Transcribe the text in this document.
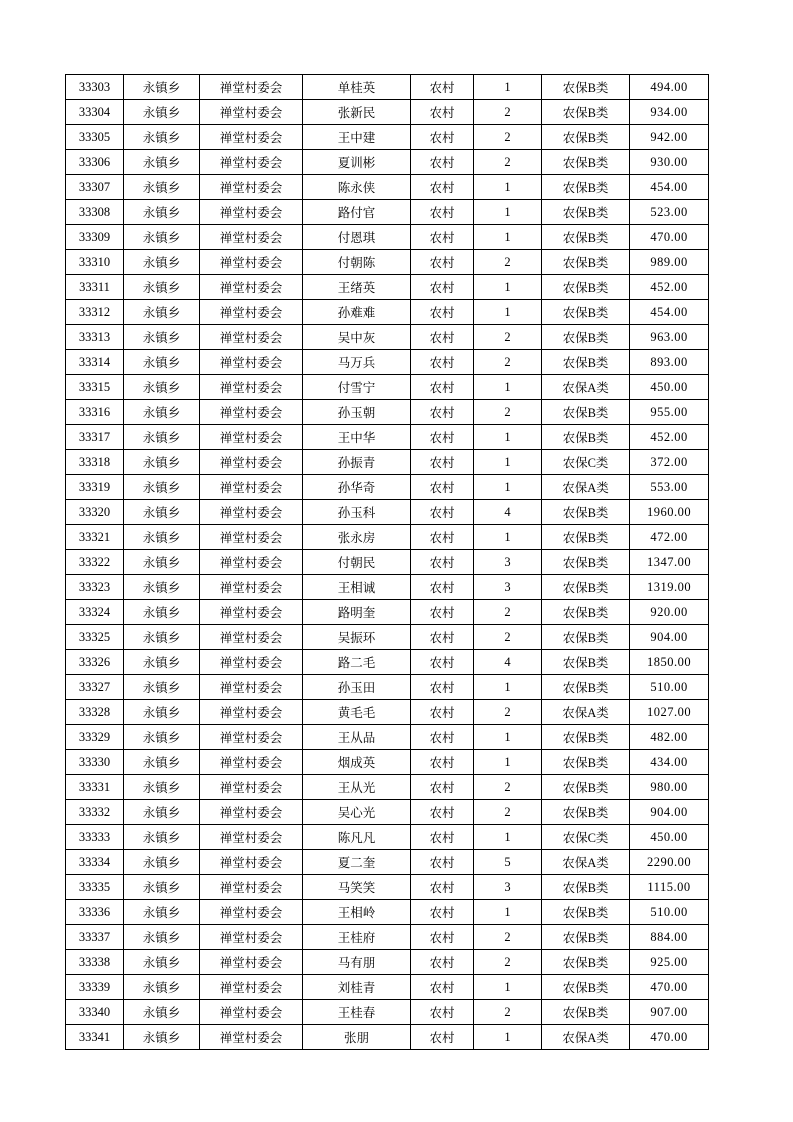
33303	永镇乡	禅堂村委会	单桂英	农村	1	农保B类	494.00
33304	永镇乡	禅堂村委会	张新民	农村	2	农保B类	934.00
33305	永镇乡	禅堂村委会	王中建	农村	2	农保B类	942.00
33306	永镇乡	禅堂村委会	夏训彬	农村	2	农保B类	930.00
33307	永镇乡	禅堂村委会	陈永侠	农村	1	农保B类	454.00
33308	永镇乡	禅堂村委会	路付官	农村	1	农保B类	523.00
33309	永镇乡	禅堂村委会	付恩琪	农村	1	农保B类	470.00
33310	永镇乡	禅堂村委会	付朝陈	农村	2	农保B类	989.00
33311	永镇乡	禅堂村委会	王绪英	农村	1	农保B类	452.00
33312	永镇乡	禅堂村委会	孙难难	农村	1	农保B类	454.00
33313	永镇乡	禅堂村委会	吴中灰	农村	2	农保B类	963.00
33314	永镇乡	禅堂村委会	马万兵	农村	2	农保B类	893.00
33315	永镇乡	禅堂村委会	付雪宁	农村	1	农保A类	450.00
33316	永镇乡	禅堂村委会	孙玉朝	农村	2	农保B类	955.00
33317	永镇乡	禅堂村委会	王中华	农村	1	农保B类	452.00
33318	永镇乡	禅堂村委会	孙振青	农村	1	农保C类	372.00
33319	永镇乡	禅堂村委会	孙华奇	农村	1	农保A类	553.00
33320	永镇乡	禅堂村委会	孙玉科	农村	4	农保B类	1960.00
33321	永镇乡	禅堂村委会	张永房	农村	1	农保B类	472.00
33322	永镇乡	禅堂村委会	付朝民	农村	3	农保B类	1347.00
33323	永镇乡	禅堂村委会	王相诚	农村	3	农保B类	1319.00
33324	永镇乡	禅堂村委会	路明奎	农村	2	农保B类	920.00
33325	永镇乡	禅堂村委会	吴振环	农村	2	农保B类	904.00
33326	永镇乡	禅堂村委会	路二毛	农村	4	农保B类	1850.00
33327	永镇乡	禅堂村委会	孙玉田	农村	1	农保B类	510.00
33328	永镇乡	禅堂村委会	黄毛毛	农村	2	农保A类	1027.00
33329	永镇乡	禅堂村委会	王从品	农村	1	农保B类	482.00
33330	永镇乡	禅堂村委会	烟成英	农村	1	农保B类	434.00
33331	永镇乡	禅堂村委会	王从光	农村	2	农保B类	980.00
33332	永镇乡	禅堂村委会	吴心光	农村	2	农保B类	904.00
33333	永镇乡	禅堂村委会	陈凡凡	农村	1	农保C类	450.00
33334	永镇乡	禅堂村委会	夏二奎	农村	5	农保A类	2290.00
33335	永镇乡	禅堂村委会	马笑笑	农村	3	农保B类	1115.00
33336	永镇乡	禅堂村委会	王相岭	农村	1	农保B类	510.00
33337	永镇乡	禅堂村委会	王桂府	农村	2	农保B类	884.00
33338	永镇乡	禅堂村委会	马有朋	农村	2	农保B类	925.00
33339	永镇乡	禅堂村委会	刘桂青	农村	1	农保B类	470.00
33340	永镇乡	禅堂村委会	王桂春	农村	2	农保B类	907.00
33341	永镇乡	禅堂村委会	张朋	农村	1	农保A类	470.00
